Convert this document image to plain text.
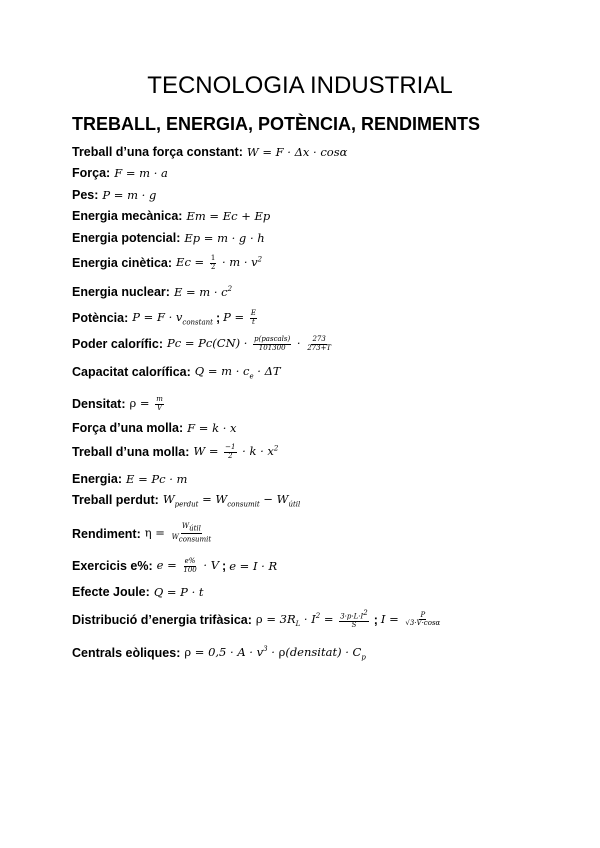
TECNOLOGIA INDUSTRIAL
TREBALL, ENERGIA, POTÈNCIA, RENDIMENTS
Treball d’una força constant: W = F · Δx · cosα
Força: F = m · a
Pes: P = m · g
Energia mecànica: Em = Ec + Ep
Energia potencial: Ep = m · g · h
Energia cinètica: $Ec = \frac{1}{2} \cdot m \cdot v^2$
Energia nuclear: $E = m \cdot c^2$
Potència: $P = F \cdot v_{constant}$ ; $P = \frac{E}{t}$
Poder calorífic: $Pc = Pc(CN) \cdot \frac{\text{p(pascals)}}{101300} \cdot \frac{273}{273+T}$
Capacitat calorífica: $Q = m \cdot c_e \cdot \Delta T$
Densitat: $\rho = \frac{m}{V}$
Força d’una molla: F = k · x
Treball d’una molla: $W = \frac{-1}{2} \cdot k \cdot x^2$
Energia: E = Pc · m
Treball perdut: $W_{perdut} = W_{consumit} - W_{útil}$
Rendiment: $\eta = \frac{W_{útil}}{W_{consumit}}$
Exercicis e%: $e = \frac{e\%}{100} \cdot V$ ; e = I · R
Efecte Joule: Q = P · t
Distribució d’energia trifàsica: $\rho = 3R_L \cdot I^2 = \frac{3\cdot p\cdot L\cdot I^2}{S}$ ; $I = \frac{P}{√3\cdot V\cdot\cos\alpha}$
Centrals eòliques: $\rho = 0,5 \cdot A \cdot v^3$ · ρ(densitat) · $C_p$
